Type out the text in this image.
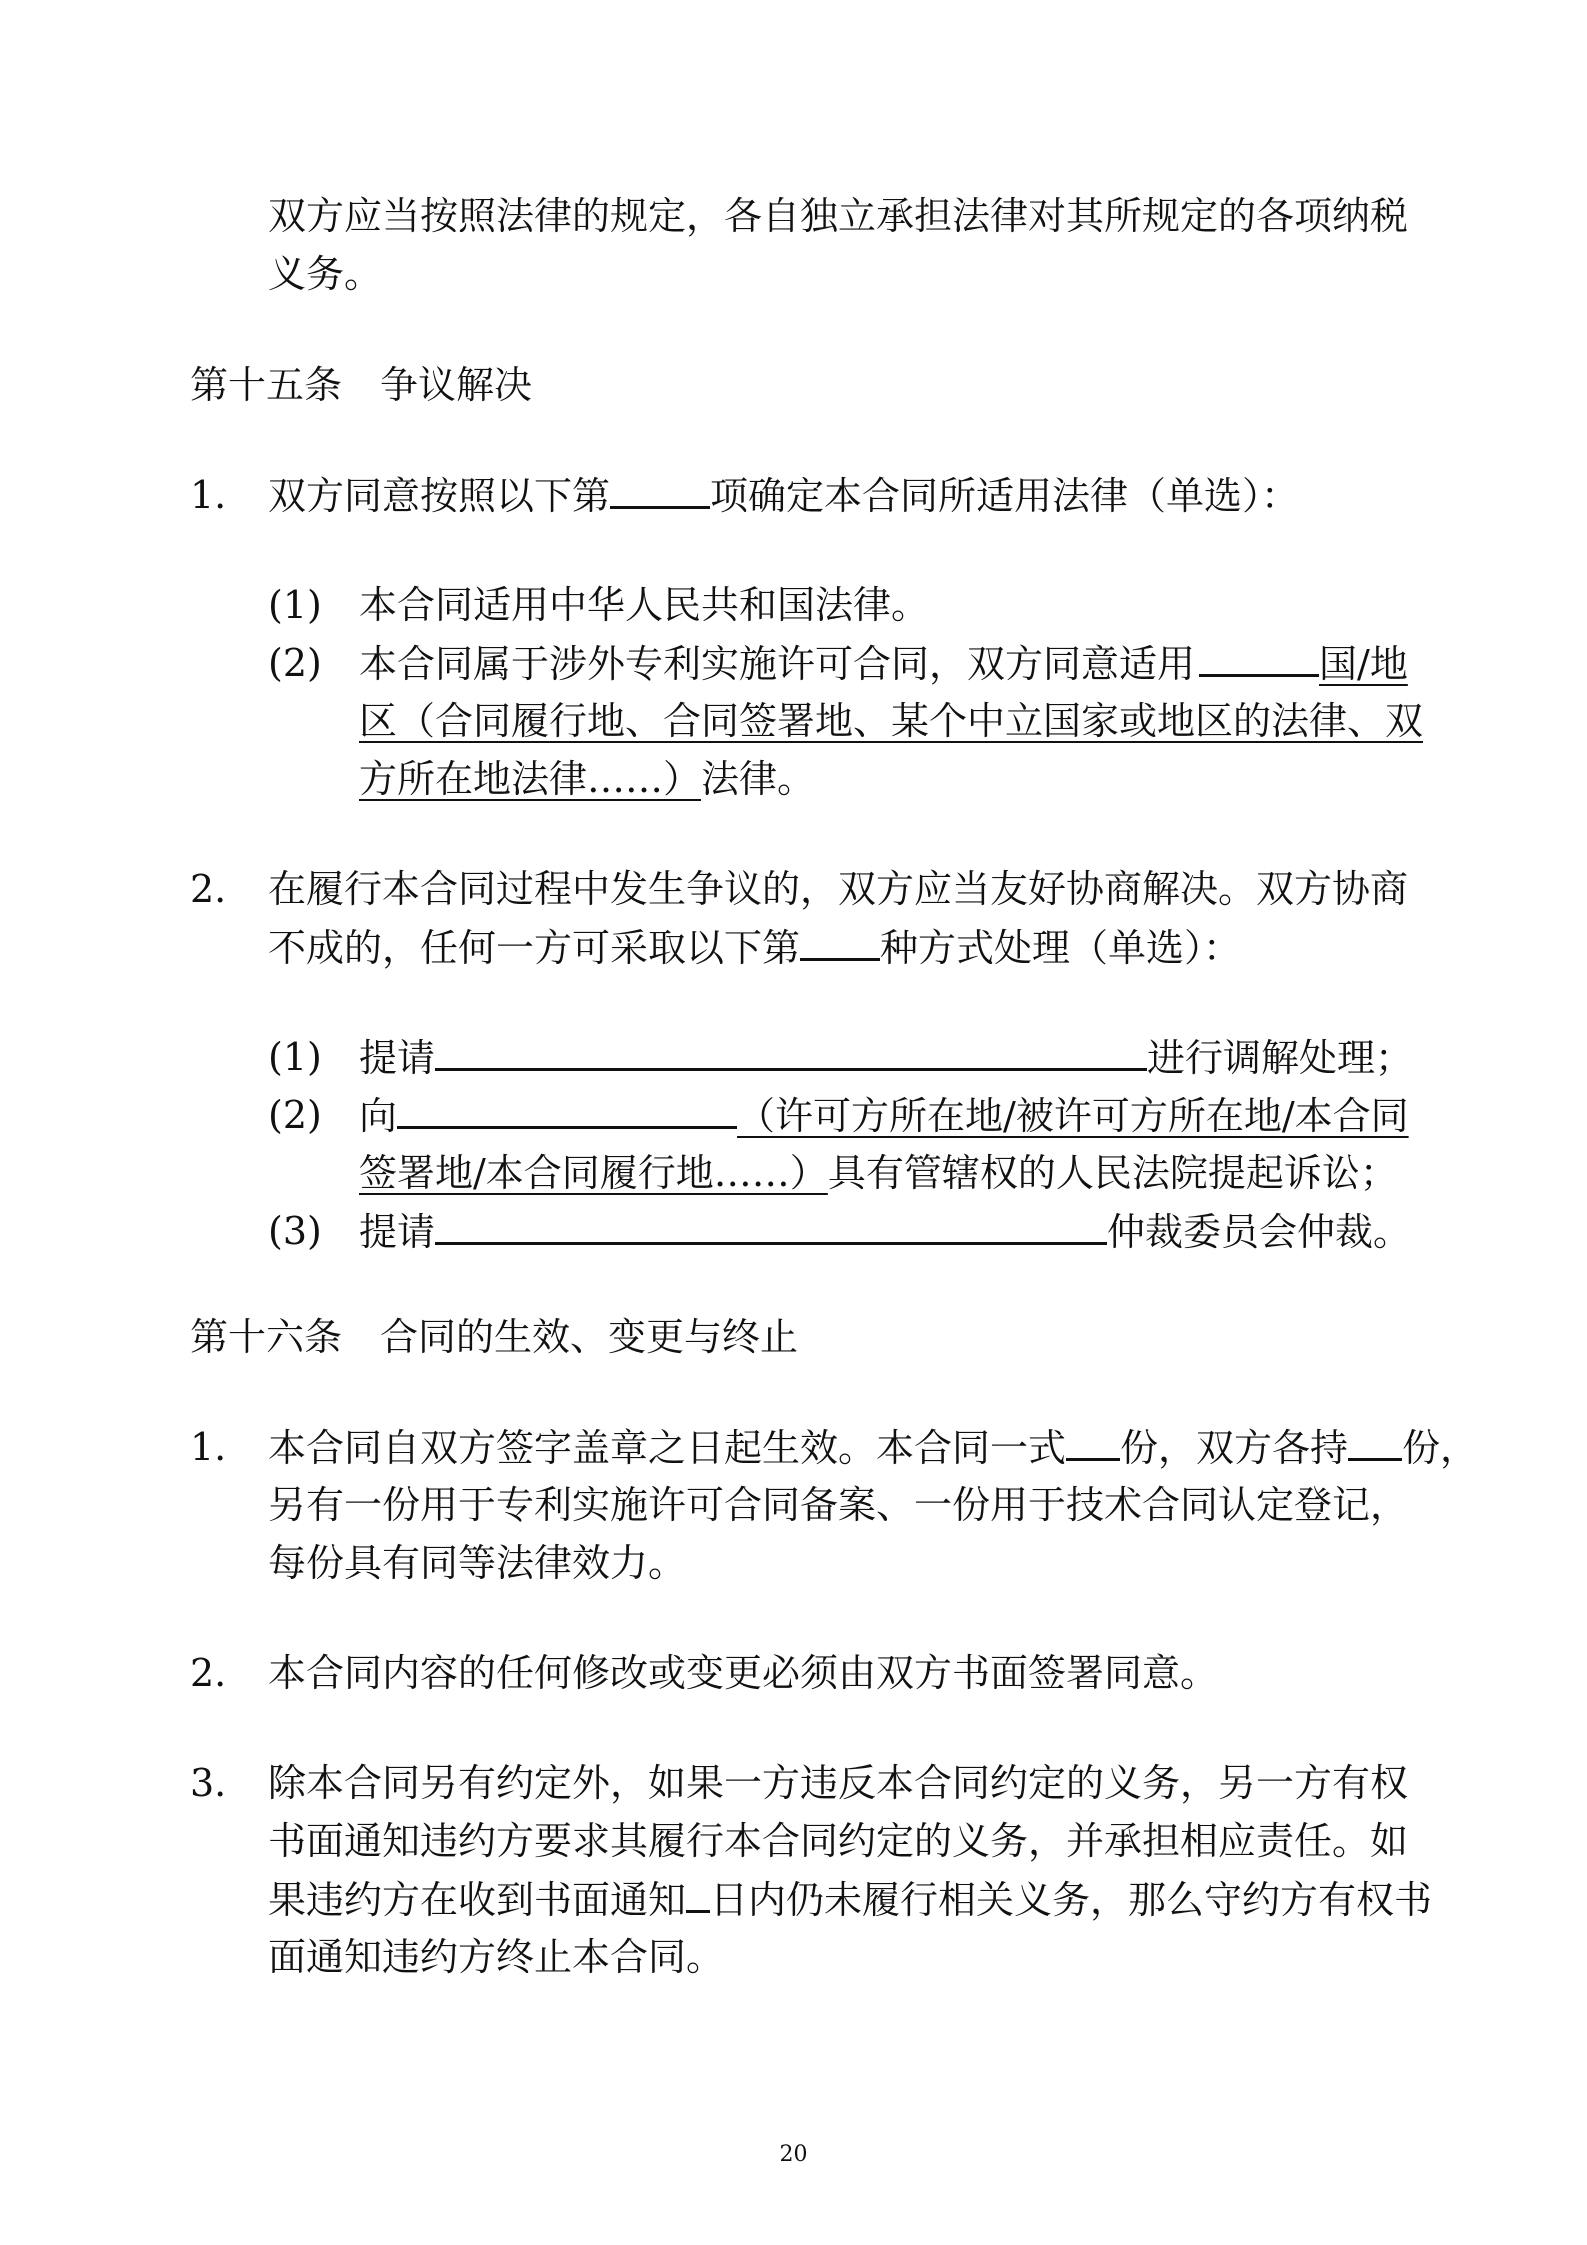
双方应当按照法律的规定，各自独立承担法律对其所规定的各项纳税
义务。
第十五条　争议解决
1. 双方同意按照以下第	项确定本合同所适用法律（单选）：
(1) 本合同适用中华人民共和国法律。
(2) 本合同属于涉外专利实施许可合同，双方同意适用	国/地
区（合同履行地、合同签署地、某个中立国家或地区的法律、双
方所在地法律……）法律。
2. 在履行本合同过程中发生争议的，双方应当友好协商解决。双方协商
不成的，任何一方可采取以下第 种方式处理（单选）：
(1) 提请	进行调解处理；
(2) 向	（许可方所在地/被许可方所在地/本合同
签署地/本合同履行地……）具有管辖权的人民法院提起诉讼；
(3) 提请	仲裁委员会仲裁。
第十六条　合同的生效、变更与终止
1. 本合同自双方签字盖章之日起生效。本合同一式 份，双方各持 份，
另有一份用于专利实施许可合同备案、一份用于技术合同认定登记，
每份具有同等法律效力。
2. 本合同内容的任何修改或变更必须由双方书面签署同意。
3. 除本合同另有约定外，如果一方违反本合同约定的义务，另一方有权
书面通知违约方要求其履行本合同约定的义务，并承担相应责任。如
果违约方在收到书面通知 日内仍未履行相关义务，那么守约方有权书
面通知违约方终止本合同。
20
